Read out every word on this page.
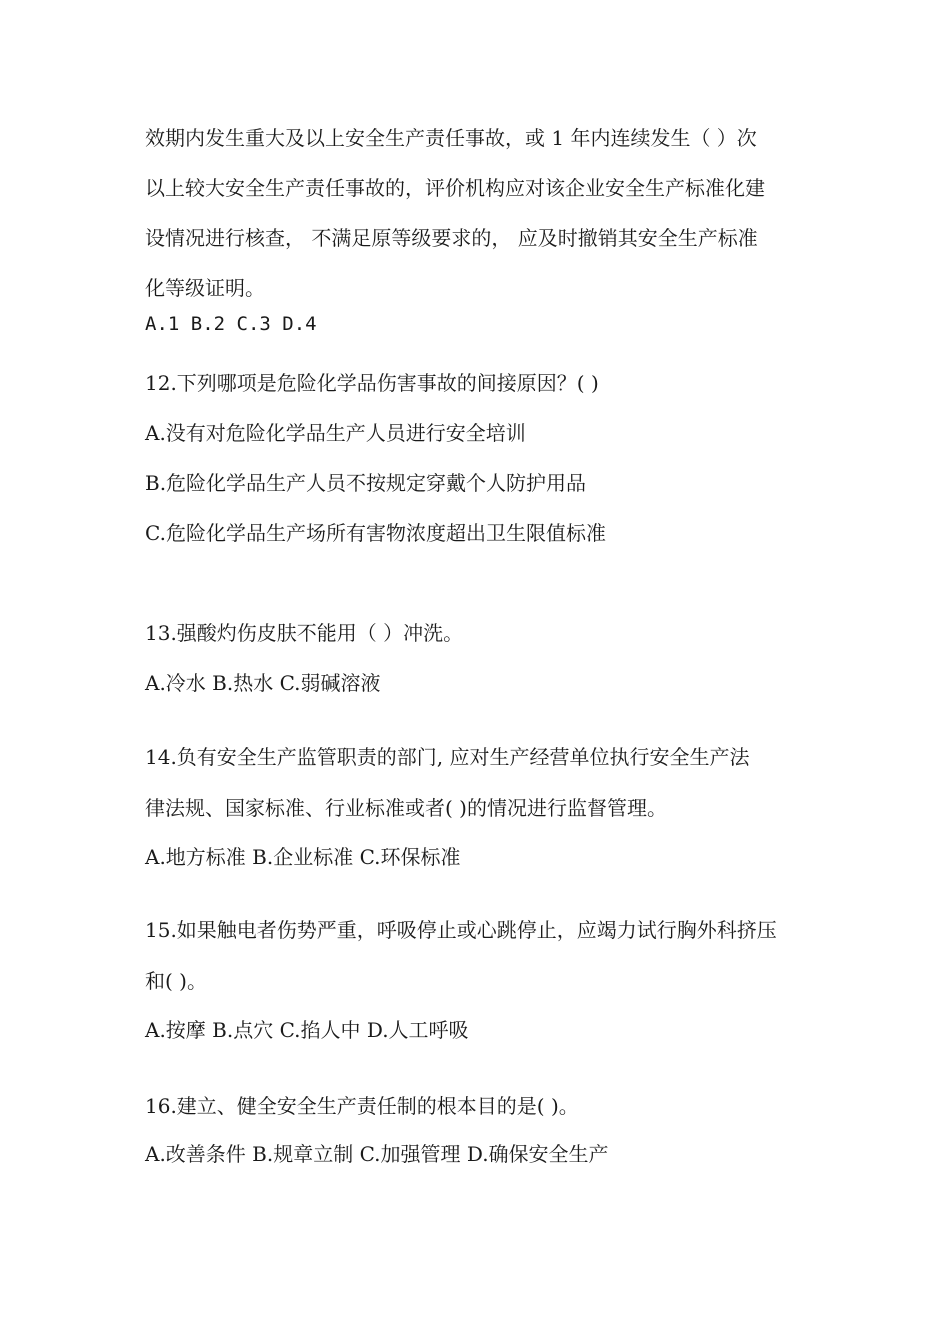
效期内发生重大及以上安全生产责任事故，或 1 年内连续发生（ ）次
以上较大安全生产责任事故的，评价机构应对该企业安全生产标准化建
设情况进行核查， 不满足原等级要求的， 应及时撤销其安全生产标准
化等级证明。
A.1 B.2 C.3 D.4
12.下列哪项是危险化学品伤害事故的间接原因？( )
A.没有对危险化学品生产人员进行安全培训
B.危险化学品生产人员不按规定穿戴个人防护用品
C.危险化学品生产场所有害物浓度超出卫生限值标准
13.强酸灼伤皮肤不能用（ ）冲洗。
A.冷水 B.热水 C.弱碱溶液
14.负有安全生产监管职责的部门, 应对生产经营单位执行安全生产法
律法规、国家标准、行业标准或者( )的情况进行监督管理。
A.地方标准 B.企业标准 C.环保标准
15.如果触电者伤势严重，呼吸停止或心跳停止，应竭力试行胸外科挤压
和( )。
A.按摩 B.点穴 C.掐人中 D.人工呼吸
16.建立、健全安全生产责任制的根本目的是( )。
A.改善条件 B.规章立制 C.加强管理 D.确保安全生产
